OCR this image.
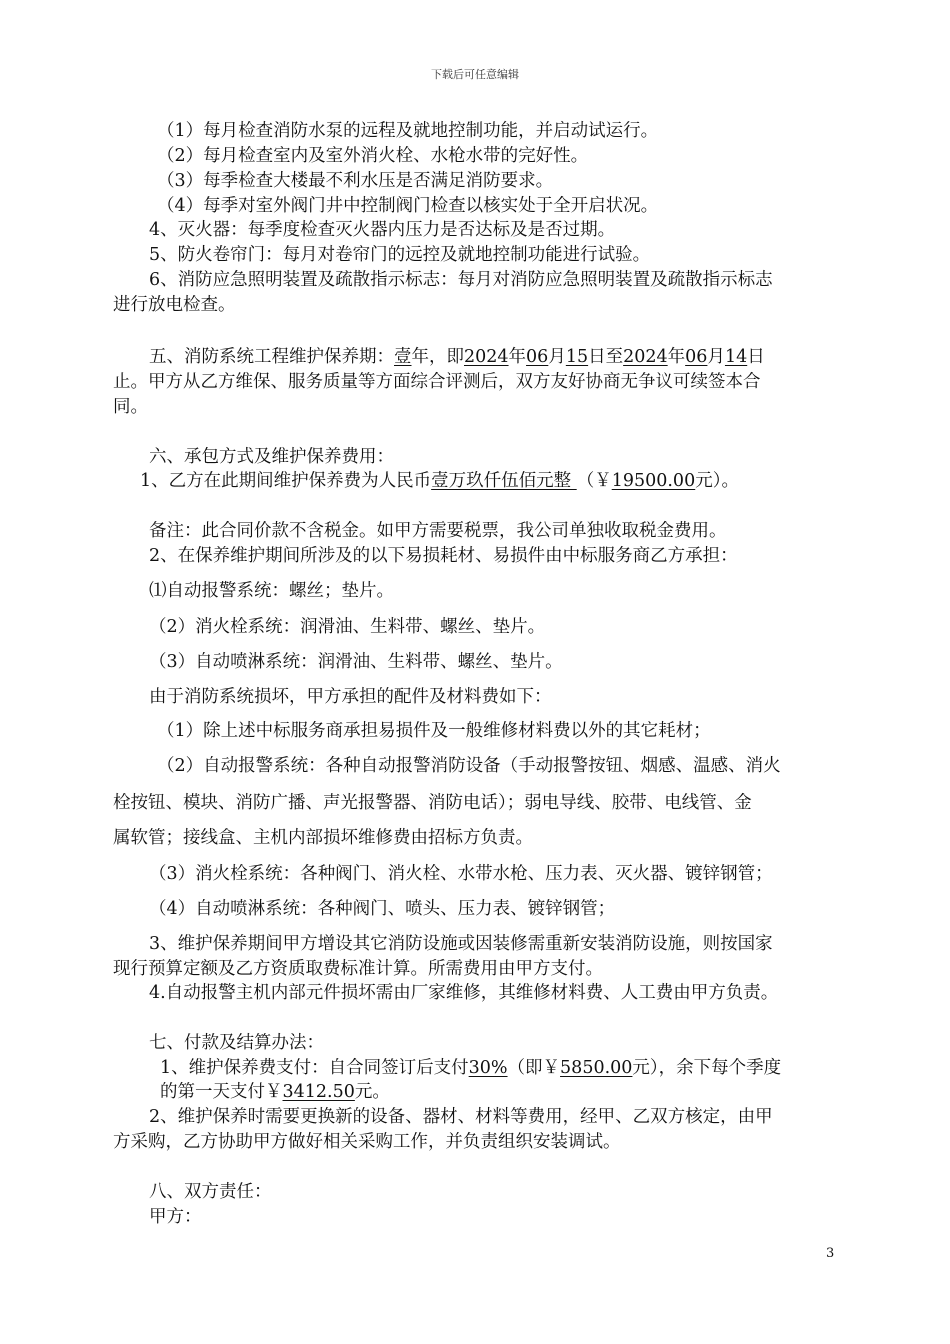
下载后可任意编辑
（1）每月检查消防水泵的远程及就地控制功能，并启动试运行。
（2）每月检查室内及室外消火栓、水枪水带的完好性。
（3）每季检查大楼最不利水压是否满足消防要求。
（4）每季对室外阀门井中控制阀门检查以核实处于全开启状况。
4、灭火器：每季度检查灭火器内压力是否达标及是否过期。
5、防火卷帘门：每月对卷帘门的远控及就地控制功能进行试验。
6、消防应急照明装置及疏散指示标志：每月对消防应急照明装置及疏散指示标志
进行放电检查。
五、消防系统工程维护保养期：壹年，即2024年06月15日至2024年06月14日
止。甲方从乙方维保、服务质量等方面综合评测后，双方友好协商无争议可续签本合
同。
六、承包方式及维护保养费用：
1、乙方在此期间维护保养费为人民币壹万玖仟伍佰元整 （￥19500.00元）。
备注：此合同价款不含税金。如甲方需要税票，我公司单独收取税金费用。
2、在保养维护期间所涉及的以下易损耗材、易损件由中标服务商乙方承担：
⑴自动报警系统：螺丝；垫片。
（2）消火栓系统：润滑油、生料带、螺丝、垫片。
（3）自动喷淋系统：润滑油、生料带、螺丝、垫片。
由于消防系统损坏，甲方承担的配件及材料费如下：
（1）除上述中标服务商承担易损件及一般维修材料费以外的其它耗材；
（2）自动报警系统：各种自动报警消防设备（手动报警按钮、烟感、温感、消火
栓按钮、模块、消防广播、声光报警器、消防电话）；弱电导线、胶带、电线管、金
属软管；接线盒、主机内部损坏维修费由招标方负责。
（3）消火栓系统：各种阀门、消火栓、水带水枪、压力表、灭火器、镀锌钢管；
（4）自动喷淋系统：各种阀门、喷头、压力表、镀锌钢管；
3、维护保养期间甲方增设其它消防设施或因装修需重新安装消防设施，则按国家
现行预算定额及乙方资质取费标准计算。所需费用由甲方支付。
4.自动报警主机内部元件损坏需由厂家维修，其维修材料费、人工费由甲方负责。
七、付款及结算办法：
1、维护保养费支付：自合同签订后支付30%（即￥5850.00元），余下每个季度
的第一天支付￥3412.50元。
2、维护保养时需要更换新的设备、器材、材料等费用，经甲、乙双方核定，由甲
方采购，乙方协助甲方做好相关采购工作，并负责组织安装调试。
八、双方责任：
甲方：
3
